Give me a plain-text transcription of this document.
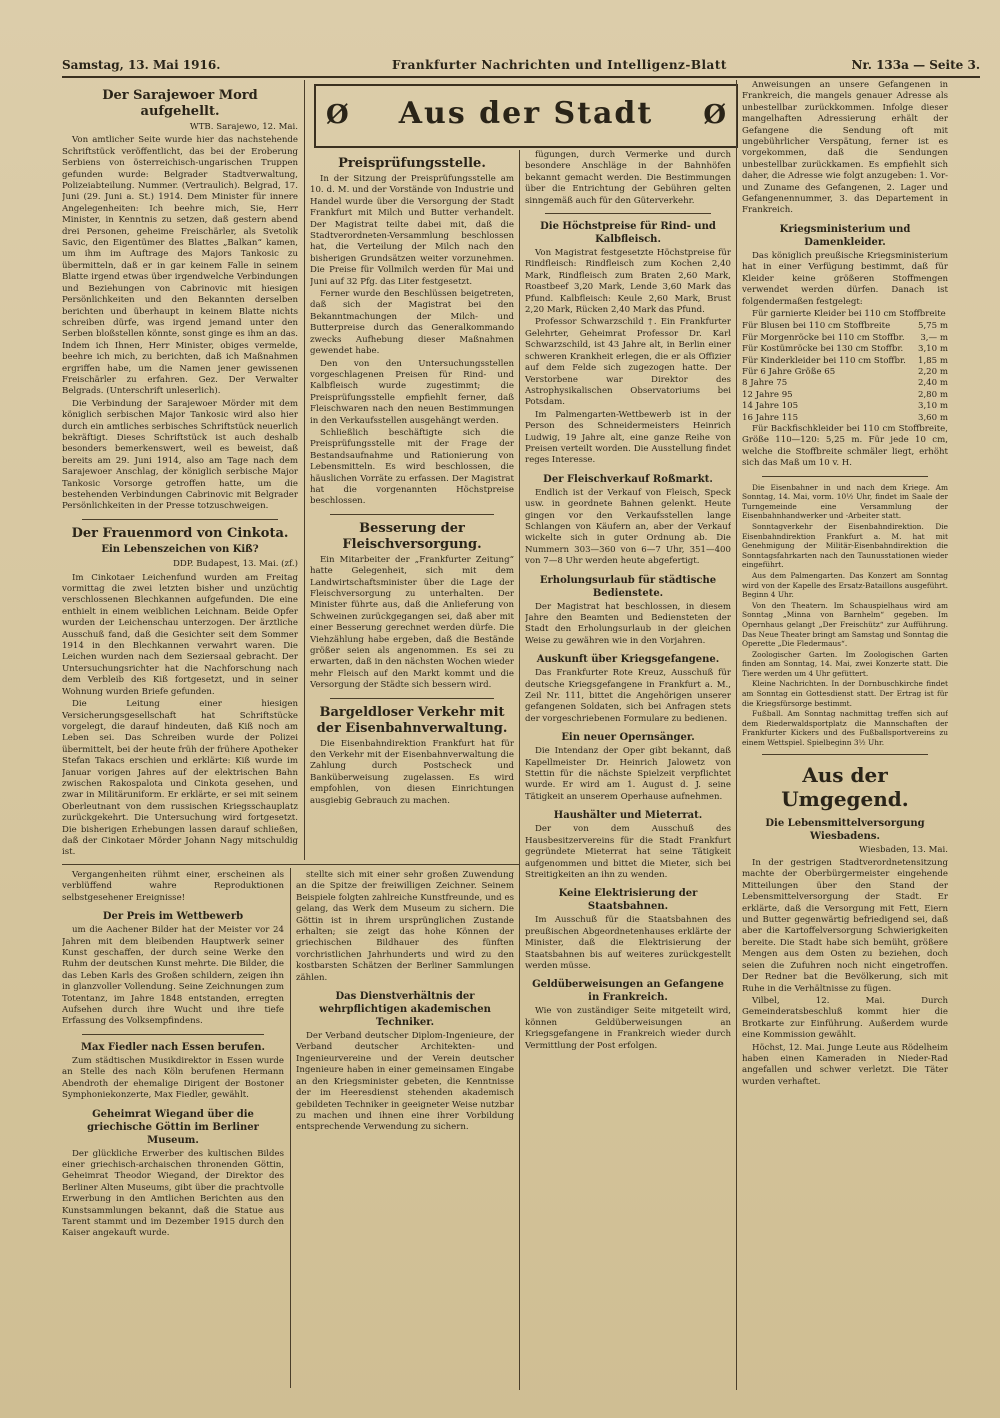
Samstag, 13. Mai 1916.	Frankfurter Nachrichten und Intelligenz-Blatt	Nr. 133a — Seite 3.
Ø	Aus der Stadt	Ø
Der Sarajewoer Mord aufgehellt.
WTB. Sarajewo, 12. Mai.

Von amtlicher Seite wurde hier das nachstehende Schriftstück veröffentlicht, das bei der Eroberung Serbiens von österreichisch-ungarischen Truppen gefunden wurde: Belgrader Stadtverwaltung, Polizeiabteilung. Nummer. (Vertraulich). Belgrad, 17. Juni (29. Juni a. St.) 1914. Dem Minister für innere Angelegenheiten: Ich beehre mich, Sie, Herr Minister, in Kenntnis zu setzen, daß gestern abend drei Personen, geheime Freischärler, als Svetolik Savic, den Eigentümer des Blattes „Balkan“ kamen, um ihm im Auftrage des Majors Tankosic zu übermitteln, daß er in gar keinem Falle in seinem Blatte irgend etwas über irgendwelche Verbindungen und Beziehungen von Cabrinovic mit hiesigen Persönlichkeiten und den Bekannten derselben berichten und überhaupt in keinem Blatte nichts schreiben dürfe, was irgend jemand unter den Serben bloßstellen könnte, sonst ginge es ihm an das. Indem ich Ihnen, Herr Minister, obiges vermelde, beehre ich mich, zu berichten, daß ich Maßnahmen ergriffen habe, um die Namen jener gewissenen Freischärler zu erfahren. Gez. Der Verwalter Belgrads. (Unterschrift unleserlich).

Die Verbindung der Sarajewoer Mörder mit dem königlich serbischen Major Tankosic wird also hier durch ein amtliches serbisches Schriftstück neuerlich bekräftigt. Dieses Schriftstück ist auch deshalb besonders bemerkenswert, weil es beweist, daß bereits am 29. Juni 1914, also am Tage nach dem Sarajewoer Anschlag, der königlich serbische Major Tankosic Vorsorge getroffen hatte, um die bestehenden Verbindungen Cabrinovic mit Belgrader Persönlichkeiten in der Presse totzuschweigen.

Der Frauenmord von Cinkota.
Ein Lebenszeichen von Kiß?
DDP. Budapest, 13. Mai. (zf.)

Im Cinkotaer Leichenfund wurden am Freitag vormittag die zwei letzten bisher und unzüchtig verschlossenen Blechkannen aufgefunden. Die eine enthielt in einem weiblichen Leichnam. Beide Opfer wurden der Leichenschau unterzogen. Der ärztliche Ausschuß fand, daß die Gesichter seit dem Sommer 1914 in den Blechkannen verwahrt waren. Die Leichen wurden nach dem Seziersaal gebracht. Der Untersuchungsrichter hat die Nachforschung nach dem Verbleib des Kiß fortgesetzt, und in seiner Wohnung wurden Briefe gefunden.

Die Leitung einer hiesigen Versicherungsgesellschaft hat Schriftstücke vorgelegt, die darauf hindeuten, daß Kiß noch am Leben sei. Das Schreiben wurde der Polizei übermittelt, bei der heute früh der frühere Apotheker Stefan Takacs erschien und erklärte: Kiß wurde im Januar vorigen Jahres auf der elektrischen Bahn zwischen Rakospalota und Cinkota gesehen, und zwar in Militäruniform. Er erklärte, er sei mit seinem Oberleutnant von dem russischen Kriegsschauplatz zurückgekehrt. Die Untersuchung wird fortgesetzt. Die bisherigen Erhebungen lassen darauf schließen, daß der Cinkotaer Mörder Johann Nagy mitschuldig ist.

Preisprüfungsstelle.

In der Sitzung der Preisprüfungsstelle am 10. d. M. und der Vorstände von Industrie und Handel wurde über die Versorgung der Stadt Frankfurt mit Milch und Butter verhandelt. Der Magistrat teilte dabei mit, daß die Stadtverordneten-Versammlung beschlossen hat, die Verteilung der Milch nach den bisherigen Grundsätzen weiter vorzunehmen. Die Preise für Vollmilch werden für Mai und Juni auf 32 Pfg. das Liter festgesetzt.

Ferner wurde den Beschlüssen beigetreten, daß sich der Magistrat bei den Bekanntmachungen der Milch- und Butterpreise durch das Generalkommando zwecks Aufhebung dieser Maßnahmen gewendet habe.

Den von den Untersuchungsstellen vorgeschlagenen Preisen für Rind- und Kalbfleisch wurde zugestimmt; die Preisprüfungsstelle empfiehlt ferner, daß Fleischwaren nach den neuen Bestimmungen in den Verkaufsstellen ausgehängt werden.

Schließlich beschäftigte sich die Preisprüfungsstelle mit der Frage der Bestandsaufnahme und Rationierung von Lebensmitteln. Es wird beschlossen, die häuslichen Vorräte zu erfassen. Der Magistrat hat die vorgenannten Höchstpreise beschlossen.

Besserung der Fleischversorgung.

Ein Mitarbeiter der „Frankfurter Zeitung“ hatte Gelegenheit, sich mit dem Landwirtschaftsminister über die Lage der Fleischversorgung zu unterhalten. Der Minister führte aus, daß die Anlieferung von Schweinen zurückgegangen sei, daß aber mit einer Besserung gerechnet werden dürfe. Die Viehzählung habe ergeben, daß die Bestände größer seien als angenommen. Es sei zu erwarten, daß in den nächsten Wochen wieder mehr Fleisch auf den Markt kommt und die Versorgung der Städte sich bessern wird.

Bargeldloser Verkehr mit der Eisenbahnverwaltung.

Die Eisenbahndirektion Frankfurt hat für den Verkehr mit der Eisenbahnverwaltung die Zahlung durch Postscheck und Banküberweisung zugelassen. Es wird empfohlen, von diesen Einrichtungen ausgiebig Gebrauch zu machen.

fügungen, durch Vermerke und durch besondere Anschläge in der Bahnhöfen bekannt gemacht werden. Die Bestimmungen über die Entrichtung der Gebühren gelten sinngemäß auch für den Güterverkehr.

Die Höchstpreise für Rind- und Kalbfleisch.

Von Magistrat festgesetzte Höchstpreise für Rindfleisch: Rindfleisch zum Kochen 2,40 Mark, Rindfleisch zum Braten 2,60 Mark, Roastbeef 3,20 Mark, Lende 3,60 Mark das Pfund. Kalbfleisch: Keule 2,60 Mark, Brust 2,20 Mark, Rücken 2,40 Mark das Pfund.

Professor Schwarzschild †. Ein Frankfurter Gelehrter, Geheimrat Professor Dr. Karl Schwarzschild, ist 43 Jahre alt, in Berlin einer schweren Krankheit erlegen, die er als Offizier auf dem Felde sich zugezogen hatte. Der Verstorbene war Direktor des Astrophysikalischen Observatoriums bei Potsdam.

Im Palmengarten-Wettbewerb ist in der Person des Schneidermeisters Heinrich Ludwig, 19 Jahre alt, eine ganze Reihe von Preisen verteilt worden. Die Ausstellung findet reges Interesse.

Der Fleischverkauf Roßmarkt.

Endlich ist der Verkauf von Fleisch, Speck usw. in geordnete Bahnen gelenkt. Heute gingen vor den Verkaufsstellen lange Schlangen von Käufern an, aber der Verkauf wickelte sich in guter Ordnung ab. Die Nummern 303—360 von 6—7 Uhr, 351—400 von 7—8 Uhr werden heute abgefertigt.

Erholungsurlaub für städtische Bedienstete.

Der Magistrat hat beschlossen, in diesem Jahre den Beamten und Bediensteten der Stadt den Erholungsurlaub in der gleichen Weise zu gewähren wie in den Vorjahren.

Auskunft über Kriegsgefangene.

Das Frankfurter Rote Kreuz, Ausschuß für deutsche Kriegsgefangene in Frankfurt a. M., Zeil Nr. 111, bittet die Angehörigen unserer gefangenen Soldaten, sich bei Anfragen stets der vorgeschriebenen Formulare zu bedienen.

Ein neuer Opernsänger.

Die Intendanz der Oper gibt bekannt, daß Kapellmeister Dr. Heinrich Jalowetz von Stettin für die nächste Spielzeit verpflichtet wurde. Er wird am 1. August d. J. seine Tätigkeit an unserem Operhause aufnehmen.

Haushälter und Mieterrat.

Der von dem Ausschuß des Hausbesitzervereins für die Stadt Frankfurt gegründete Mieterrat hat seine Tätigkeit aufgenommen und bittet die Mieter, sich bei Streitigkeiten an ihn zu wenden.

Keine Elektrisierung der Staatsbahnen.

Im Ausschuß für die Staatsbahnen des preußischen Abgeordnetenhauses erklärte der Minister, daß die Elektrisierung der Staatsbahnen bis auf weiteres zurückgestellt werden müsse.

Geldüberweisungen an Gefangene in Frankreich.

Wie von zuständiger Seite mitgeteilt wird, können Geldüberweisungen an Kriegsgefangene in Frankreich wieder durch Vermittlung der Post erfolgen.

Anweisungen an unsere Gefangenen in Frankreich, die mangels genauer Adresse als unbestellbar zurückkommen. Infolge dieser mangelhaften Adressierung erhält der Gefangene die Sendung oft mit ungebührlicher Verspätung, ferner ist es vorgekommen, daß die Sendungen unbestellbar zurückkamen. Es empfiehlt sich daher, die Adresse wie folgt anzugeben: 1. Vor- und Zuname des Gefangenen, 2. Lager und Gefangenennummer, 3. das Departement in Frankreich.

Kriegsministerium und Damenkleider.

Das königlich preußische Kriegsministerium hat in einer Verfügung bestimmt, daß für Kleider keine größeren Stoffmengen verwendet werden dürfen. Danach ist folgendermaßen festgelegt:

Für garnierte Kleider bei 110 cm Stoffbreite

Für Blusen bei 110 cm Stoffbreite	5,75 m
Für Morgenröcke bei 110 cm Stoffbr. 3,— m
Für Kostümröcke bei 130 cm Stoffbr. 3,10 m
Für Kinderkleider bei 110 cm Stoffbr. 1,85 m
Für 6 Jahre Größe 65	2,20 m
8 Jahre 75	2,40 m
12 Jahre 95	2,80 m
14 Jahre 105	3,10 m
16 Jahre 115	3,60 m

Für Backfischkleider bei 110 cm Stoffbreite, Größe 110—120: 5,25 m. Für jede 10 cm, welche die Stoffbreite schmäler liegt, erhöht sich das Maß um 10 v. H.

Die Eisenbahner in und nach dem Kriege. Am Sonntag, 14. Mai, vorm. 10½ Uhr, findet im Saale der Turngemeinde eine Versammlung der Eisenbahnhandwerker und -Arbeiter statt.

Sonntagverkehr der Eisenbahndirektion. Die Eisenbahndirektion Frankfurt a. M. hat mit Genehmigung der Militär-Eisenbahndirektion die Sonntagsfahrkarten nach den Taunusstationen wieder eingeführt.

Aus dem Palmengarten. Das Konzert am Sonntag wird von der Kapelle des Ersatz-Bataillons ausgeführt. Beginn 4 Uhr.

Von den Theatern. Im Schauspielhaus wird am Sonntag „Minna von Barnhelm“ gegeben. Im Opernhaus gelangt „Der Freischütz“ zur Aufführung. Das Neue Theater bringt am Samstag und Sonntag die Operette „Die Fledermaus“.

Zoologischer Garten. Im Zoologischen Garten finden am Sonntag, 14. Mai, zwei Konzerte statt. Die Tiere werden um 4 Uhr gefüttert.

Kleine Nachrichten. In der Dornbuschkirche findet am Sonntag ein Gottesdienst statt. Der Ertrag ist für die Kriegsfürsorge bestimmt.

Fußball. Am Sonntag nachmittag treffen sich auf dem Riederwaldsportplatz die Mannschaften der Frankfurter Kickers und des Fußballsportvereins zu einem Wettspiel. Spielbeginn 3½ Uhr.

Aus der Umgegend.
Die Lebensmittelversorgung Wiesbadens.
Wiesbaden, 13. Mai.

In der gestrigen Stadtverordnetensitzung machte der Oberbürgermeister eingehende Mitteilungen über den Stand der Lebensmittelversorgung der Stadt. Er erklärte, daß die Versorgung mit Fett, Eiern und Butter gegenwärtig befriedigend sei, daß aber die Kartoffelversorgung Schwierigkeiten bereite. Die Stadt habe sich bemüht, größere Mengen aus dem Osten zu beziehen, doch seien die Zufuhren noch nicht eingetroffen. Der Redner bat die Bevölkerung, sich mit Ruhe in die Verhältnisse zu fügen.

Vilbel, 12. Mai. Durch Gemeinderatsbeschluß kommt hier die Brotkarte zur Einführung. Außerdem wurde eine Kommission gewählt.

Höchst, 12. Mai. Junge Leute aus Rödelheim haben einen Kameraden in Nieder-Rad angefallen und schwer verletzt. Die Täter wurden verhaftet.

Vergangenheiten rühmt einer, erscheinen als verblüffend wahre Reproduktionen selbstgesehener Ereignisse!

Der Preis im Wettbewerb

um die Aachener Bilder hat der Meister vor 24 Jahren mit dem bleibenden Hauptwerk seiner Kunst geschaffen, der durch seine Werke den Ruhm der deutschen Kunst mehrte. Die Bilder, die das Leben Karls des Großen schildern, zeigen ihn in glanzvoller Vollendung. Seine Zeichnungen zum Totentanz, im Jahre 1848 entstanden, erregten Aufsehen durch ihre Wucht und ihre tiefe Erfassung des Volksempfindens.

Max Fiedler nach Essen berufen.

Zum städtischen Musikdirektor in Essen wurde an Stelle des nach Köln berufenen Hermann Abendroth der ehemalige Dirigent der Bostoner Symphoniekonzerte, Max Fiedler, gewählt.

Geheimrat Wiegand über die griechische Göttin im Berliner Museum.

Der glückliche Erwerber des kultischen Bildes einer griechisch-archaischen thronenden Göttin, Geheimrat Theodor Wiegand, der Direktor des Berliner Alten Museums, gibt über die prachtvolle Erwerbung in den Amtlichen Berichten aus den Kunstsammlungen bekannt, daß die Statue aus Tarent stammt und im Dezember 1915 durch den Kaiser angekauft wurde.

stellte sich mit einer sehr großen Zuwendung an die Spitze der freiwilligen Zeichner. Seinem Beispiele folgten zahlreiche Kunstfreunde, und es gelang, das Werk dem Museum zu sichern. Die Göttin ist in ihrem ursprünglichen Zustande erhalten; sie zeigt das hohe Können der griechischen Bildhauer des fünften vorchristlichen Jahrhunderts und wird zu den kostbarsten Schätzen der Berliner Sammlungen zählen.

Das Dienstverhältnis der wehrpflichtigen akademischen Techniker.

Der Verband deutscher Diplom-Ingenieure, der Verband deutscher Architekten- und Ingenieurvereine und der Verein deutscher Ingenieure haben in einer gemeinsamen Eingabe an den Kriegsminister gebeten, die Kenntnisse der im Heeresdienst stehenden akademisch gebildeten Techniker in geeigneter Weise nutzbar zu machen und ihnen eine ihrer Vorbildung entsprechende Verwendung zu sichern.
